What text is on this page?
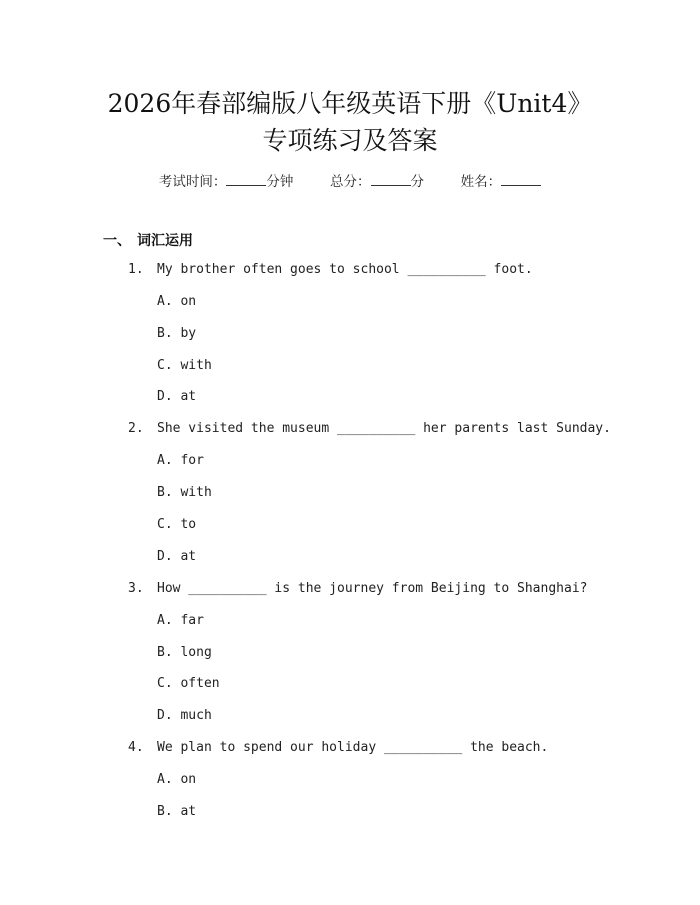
2026年春部编版八年级英语下册《Unit4》
专项练习及答案
考试时间：	分钟	总分：	分	姓名：
一、 词汇运用
1. My brother often goes to school __________ foot.
A. on
B. by
C. with
D. at
2. She visited the museum __________ her parents last Sunday.
A. for
B. with
C. to
D. at
3. How __________ is the journey from Beijing to Shanghai?
A. far
B. long
C. often
D. much
4. We plan to spend our holiday __________ the beach.
A. on
B. at
